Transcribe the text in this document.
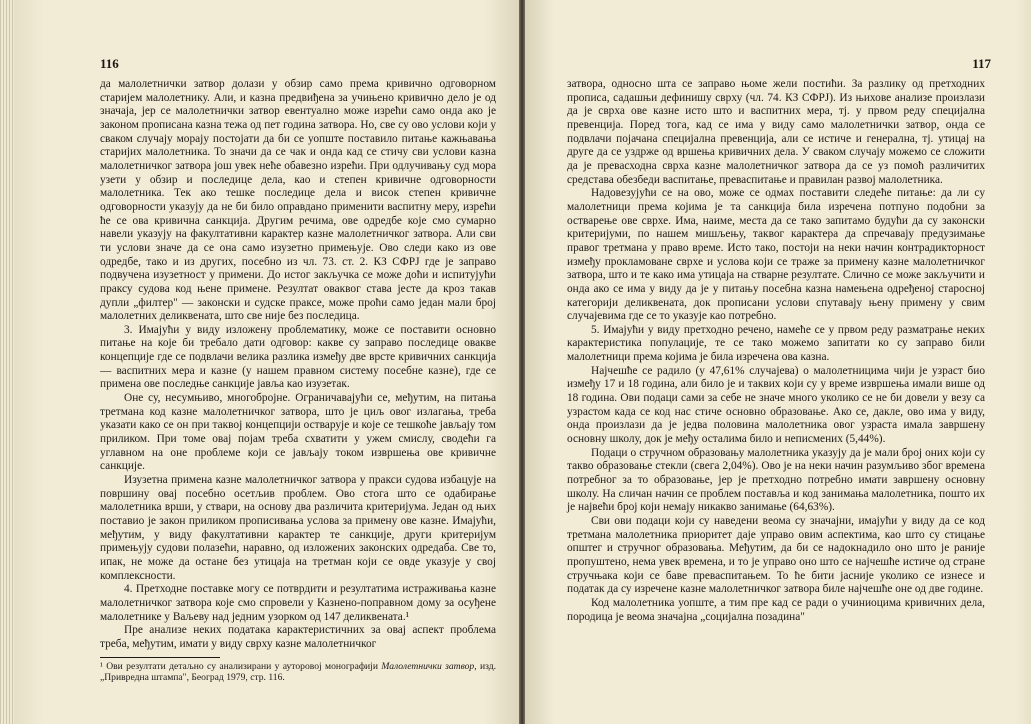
116

да малолетнички затвор долази у обзир само према кривично одговорном старијем малолетнику. Али, и казна предвиђена за учињено кривично дело је од значаја, јер се малолетнички затвор евентуално може изрећи само онда ако је законом прописана казна тежа од пет година затвора. Но, све су ово услови који у сваком случају морају постојати да би се уопште поставило питање кажњавања старијих малолетника. То значи да се чак и онда кад се стичу сви услови казна малолетничког затвора још увек неће обавезно изрећи. При одлучивању суд мора узети у обзир и последице дела, као и степен кривичне одговорности малолетника. Тек ако тешке последице дела и висок степен кривичне одговорности указују да не би било оправдано применити васпитну меру, изрећи ће се ова кривична санкција. Другим речима, ове одредбе које смо сумарно навели указују на факултативни карактер казне малолетничког затвора. Али сви ти услови значе да се она само изузетно примењује. Ово следи како из ове одредбе, тако и из других, посебно из чл. 73. ст. 2. КЗ СФРЈ где је заправо подвучена изузетност у примени. До истог закључка се може доћи и испитујући праксу судова код њене примене. Резултат оваквог става јесте да кроз такав дупли „филтер" — законски и судске праксе, може проћи само један мали број малолетних деликвената, што све није без последица.

3. Имајући у виду изложену проблематику, може се поставити основно питање на које би требало дати одговор: какве су заправо последице овакве концепције где се подвлачи велика разлика између две врсте кривичних санкција — васпитних мера и казне (у нашем правном систему посебне казне), где се примена ове последње санкције јавља као изузетак.

Оне су, несумњиво, многобројне. Ограничавајући се, међутим, на питања третмана код казне малолетничког затвора, што је циљ овог излагања, треба указати како се он при таквој концепцији остварује и које се тешкоће јављају том приликом. При томе овај појам треба схватити у ужем смислу, сводећи га углавном на оне проблеме који се јављају током извршења ове кривичне санкције.

Изузетна примена казне малолетничког затвора у пракси судова избацује на површину овај посебно осетљив проблем. Ово стога што се одабирање малолетника врши, у ствари, на основу два различита критеријума. Један од њих поставио је закон приликом прописивања услова за примену ове казне. Имајући, међутим, у виду факултативни карактер те санкције, други критеријум примењују судови полазећи, наравно, од изложених законских одредаба. Све то, ипак, не може да остане без утицаја на третман који се овде указује у свој комплексности.

4. Претходне поставке могу се потврдити и резултатима истраживања казне малолетничког затвора које смо спровели у Казнено-поправном дому за осуђене малолетнике у Ваљеву над једним узорком од 147 деликвената.¹

Пре анализе неких података карактеристичних за овај аспект проблема треба, међутим, имати у виду сврху казне малолетничког

¹ Ови резултати детаљно су анализирани у ауторовој монографији Малолетнички затвор, изд. „Привредна штампа", Београд 1979, стр. 116.

117

затвора, односно шта се заправо њоме жели постићи. За разлику од претходних прописа, садашњи дефинишу сврху (чл. 74. КЗ СФРЈ). Из њихове анализе произлази да је сврха ове казне исто што и васпитних мера, тј. у првом реду специјална превенција. Поред тога, кад се има у виду само малолетнички затвор, онда се подвлачи појачана специјална превенција, али се истиче и генерална, тј. утицај на друге да се уздрже од вршења кривичних дела. У сваком случају можемо се сложити да је превасходна сврха казне малолетничког затвора да се уз помоћ различитих средстава обезбеди васпитање, преваспитање и правилан развој малолетника.

Надовезујући се на ово, може се одмах поставити следеће питање: да ли су малолетници према којима је та санкција била изречена потпуно подобни за остварење ове сврхе. Има, наиме, места да се тако запитамо будући да су законски критеријуми, по нашем мишљењу, таквог карактера да спречавају предузимање правог третмана у право време. Исто тако, постоји на неки начин контрадикторност између прокламоване сврхе и услова који се траже за примену казне малолетничког затвора, што и те како има утицаја на стварне резултате. Слично се може закључити и онда ако се има у виду да је у питању посебна казна намењена одређеној старосној категорији деликвената, док прописани услови спутавају њену примену у свим случајевима где се то указује као потребно.

5. Имајући у виду претходно речено, намеће се у првом реду разматрање неких карактеристика популације, те се тако можемо запитати ко су заправо били малолетници према којима је била изречена ова казна.

Најчешће се радило (у 47,61% случајева) о малолетницима чији је узраст био између 17 и 18 година, али било је и таквих који су у време извршења имали више од 18 година. Ови подаци сами за себе не значе много уколико се не би довели у везу са узрастом када се код нас стиче основно образовање. Ако се, дакле, ово има у виду, онда произлази да је једва половина малолетника овог узраста имала завршену основну школу, док је међу осталима било и неписмених (5,44%).

Подаци о стручном образовању малолетника указују да је мали број оних који су такво образовање стекли (свега 2,04%). Ово је на неки начин разумљиво због времена потребног за то образовање, јер је претходно потребно имати завршену основну школу. На сличан начин се проблем поставља и код занимања малолетника, пошто их је највећи број који немају никакво занимање (64,63%).

Сви ови подаци који су наведени веома су значајни, имајући у виду да се код третмана малолетника приоритет даје управо овим аспектима, као што су стицање општег и стручног образовања. Међутим, да би се надокнадило оно што је раније пропуштено, нема увек времена, и то је управо оно што се најчешће истиче од стране стручњака који се баве превасп​итањем. То ће бити јасније уколико се изнесе и податак да су изречене казне малолетничког затвора биле најчешће оне од две године.

Код малолетника уопште, а тим пре кад се ради о учиниоцима кривичних дела, породица је веома значајна „социјална позадина"
